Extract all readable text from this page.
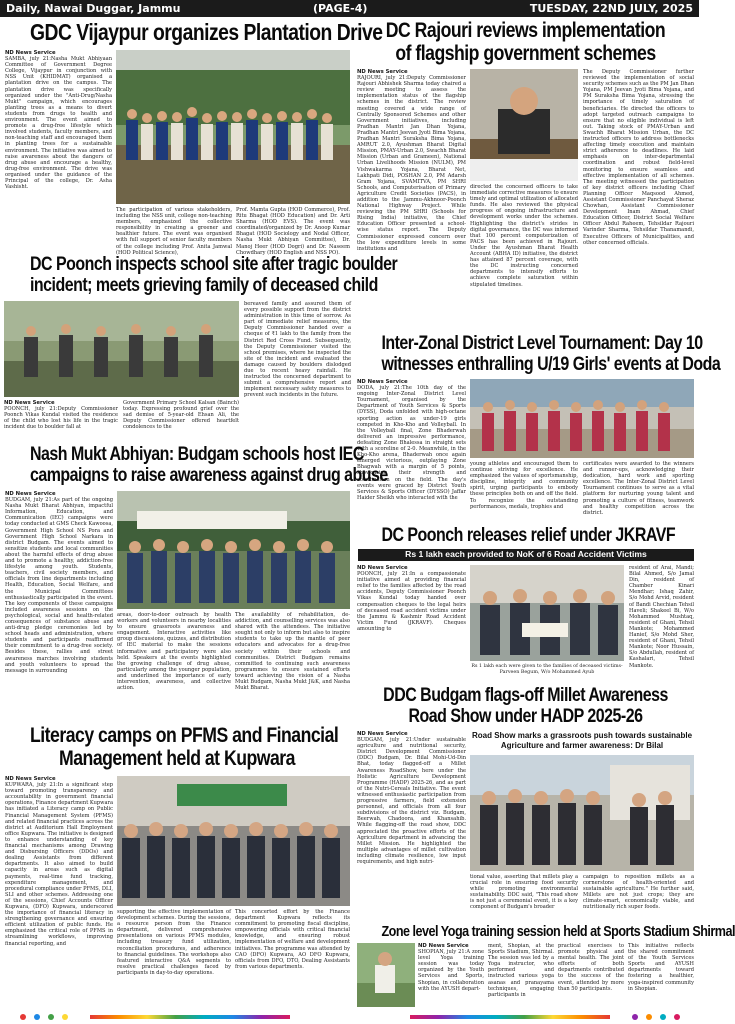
Daily, Nawai Duggar, Jammu	(PAGE-4)	TUESDAY, 22ND JULY, 2025
GDC Vijaypur organizes Plantation Drive
ND News Service
SAMBA, july 21:Nasha Mukt Abhiyaan Committee of Government Degree College, Vijaypur in conjunction with NSS Unit (KHIDMAT) organised a plantation drive on the campus. The plantation drive was specifically organized under the "Anti-Drug/Nasha Mukt" campaign, which encourages planting trees as a means to divert students from drugs to health and environment. The event aimed to promote a drug-free lifestyle which involved students, faculty members, and non-teaching staff and encouraged them in planting trees for a sustainable environment. The initiative was aimed to raise awareness about the dangers of drug abuse and encourage a healthy, drug-free environment. The drive was organised under the guidance of the Principal of the college, Dr. Asha Vashisht.
The participation of various stakeholders, including the NSS unit, college non-teaching members, emphasized the collective responsibility in creating a greener and healthier future. The event was organised with full support of senior faculty members of the college including Prof. Anita Jamwal (HOD Political Science),
Prof. Mamta Gupta (HOD Commerce), Prof. Ritu Bhagat (HOD Education) and Dr. Arti Sharma (HOD EVS). The event was coordinated/organized by Dr. Anoop Kumar Bhagat (HOD Sociology and Nodal Officer, Nasha Mukt Abhiyan Committee), Dr. Manoj Heer (HOD Dogri) and Dr. Naseem Chowdhary (HOD English and NSS PO).
DC Poonch inspects school site after tragic boulder
incident; meets grieving family of deceased child
ND News Service
POONCH, july 21:Deputy Commissioner Poonch Vikas Kundal visited the residence of the child who lost his life in the tragic incident due to boulder fall at
Government Primary School Kalsan (Bainch) today. Expressing profound grief over the sad demise of 5-year-old Ehsan Ali, the Deputy Commissioner offered heartfelt condolences to the
bereaved family and assured them of every possible support from the district administration in this time of sorrow. As part of immediate relief measures, the Deputy Commissioner handed over a cheque of ₹1 lakh to the family from the District Red Cross Fund. Subsequently, the Deputy Commissioner visited the school premises, where he inspected the site of the incident and evaluated the damage caused by boulders dislodged due to recent heavy rainfall. He instructed the concerned department to submit a comprehensive report and implement necessary safety measures to prevent such incidents in the future.
Nash Mukt Abhiyan: Budgam schools host IEC
campaigns to raise awareness against drug abuse
ND News Service
BUDGAM, july 21:As part of the ongoing Nasha Mukt Bharat Abhiyan, impactful Information, Education, and Communication (IEC) campaigns were today conducted at GMS Check Kawoosa, Government High School NS Pora and Government High School Narkara in district Budgam. The events aimed to sensitize students and local communities about the harmful effects of drug abuse and to promote a healthy, addiction-free lifestyle among youth. Students, teachers, civil society members, and officials from line departments including Health, Education, Social Welfare, and the Municipal Committees enthusiastically participated in the event. The key components of these campaigns included awareness sessions on the psychological, social and health-related consequences of substance abuse and anti-drug pledge ceremonies led by school heads and administration, where students and participants reaffirmed their commitment to a drug-free society. Besides these, rallies and street awareness marches involving students and youth volunteers to spread the message in surrounding
areas, door-to-door outreach by health workers and volunteers in nearby localities to ensure grassroots awareness and engagement. Interactive activities like group discussions, quizzes, and distribution of IEC material to make the sessions informative and participatory were also held. Speakers at the events highlighted the growing challenge of drug abuse, particularly among the younger population, and underlined the importance of early intervention, awareness, and collective action.
The availability of rehabilitation, de-addiction, and counselling services was also shared with the attendees. The initiative sought not only to inform but also to inspire students to take up the mantle of peer educators and advocates for a drug-free society within their schools and communities. District Budgam remains committed to continuing such awareness programmes to ensure sustained efforts toward achieving the vision of a Nasha Mukt Budgam, Nasha Mukt J&K, and Nasha Mukt Bharat.
Literacy camps on PFMS and Financial
Management held at Kupwara
ND News Service
KUPWARA, july 21:In a significant step toward promoting transparency and accountability in government financial operations, Finance department Kupwara has initiated a Literacy camp on Public Financial Management System (PFMS) and related financial practices across the district at Auditorium Hall Employment office Kupwara. The initiative is designed to enhance understanding of key financial mechanisms among Drawing and Disbursing Officers (DDOs) and dealing Assistants from different departments. It also aimed to build capacity in areas such as digital payments, real-time fund tracking, expenditure management, and procedural compliance under PFMS, DLI, SLI and other schemes. Addressing one of the sessions, Chief Accounts Officer Kupwara, (DFO) Kupwara, underscored the importance of financial literacy in strengthening governance and ensuring efficient utilization of public funds. He emphasized the critical role of PFMS in streamlining workflows, improving financial reporting, and
supporting the effective implementation of development schemes. During the sessions, a resource person from the Finance department, delivered comprehensive presentations on various PFMS modules, including treasury fund utilization, reconciliation procedures, and adherence to financial guidelines. The workshops also featured interactive Q&A segments to resolve practical challenges faced by participants in day-to-day operations.
This concerted effort by the Finance department Kupwara reflects its commitment to promoting fiscal discipline, empowering officials with critical financial knowledge, and ensuring robust implementation of welfare and development initiatives. The programme was attended by CAO (DFO) Kupwara, AO DFO Kupwara, officials from DFO, DTO, Dealing Assistants from various departments.
DC Rajouri reviews implementation
of flagship government schemes
ND News Service
RAJOURI, july 21:Deputy Commissioner Rajouri Abhishek Sharma today chaired a review meeting to assess the implementation status of the flagship schemes in the district. The review meeting covered a wide range of Centrally Sponsored Schemes and other Government initiatives, including Pradhan Mantri Jan Dhan Yojana, Pradhan Mantri Jeevan Jyoti Bima Yojana, Pradhan Mantri Suraksha Bima Yojana, AMRUT 2.0, Ayushman Bharat Digital Mission, PMAY-Urban 2.0, Swachh Bharat Mission (Urban and Grameen), National Urban Livelihoods Mission (NULM), PM Vishwakarma Yojana, Bharat Net, Lakhpati Didi, POSHAN 2.0, PM Adarsh Gram Yojana, SVAMITVA, PM SHRI Schools, and Computerisation of Primary Agriculture Credit Societies (PACS), in addition to the Jammu-Akhnoor-Poonch National Highway Project. While reviewing the PM SHRI (Schools for Rising India) initiative, the Chief Education Officer presented a school-wise status report. The Deputy Commissioner expressed concern over the low expenditure levels in some institutions and
directed the concerned officers to take immediate corrective measures to ensure timely and optimal utilization of allocated funds. He also reviewed the physical progress of ongoing infrastructure and development works under the schemes. Highlighting the district's strides in digital governance, the DC was informed that 100 percent computerization of PACS has been achieved in Rajouri. Under the Ayushman Bharat Health Account (ABHA ID) initiative, the district has attained 87 percent coverage, with the DC instructing concerned departments to intensify efforts to achieve complete saturation within stipulated timelines.
The Deputy Commissioner further reviewed the implementation of social security schemes such as the PM Jan Dhan Yojana, PM Jeevan Jyoti Bima Yojana, and PM Suraksha Bima Yojana, stressing the importance of timely saturation of beneficiaries. He directed the officers to adopt targeted outreach campaigns to ensure that no eligible individual is left out. Taking stock of PMAY-Urban and Swachh Bharat Mission Urban, the DC instructed officers to address bottlenecks affecting timely execution and maintain strict adherence to deadlines. He laid emphasis on inter-departmental coordination and robust field-level monitoring to ensure seamless and effective implementation of all schemes. The meeting witnessed the participation of key district officers including Chief Planning Officer Maqsood Ahmed, Assistant Commissioner Panchayat Sheraz Chowhan, Assistant Commissioner Development Inam Ahmad, Chief Education Officer, District Social Welfare Officer Abdul Raheem, Tehsildar Rajouri Varinder Sharma, Tehsildar Thanamandi, Executive Officers of Municipalities, and other concerned officials.
Inter-Zonal District Level Tournament: Day 10
witnesses enthralling U/19 Girls' events at Doda
ND News Service
DODA, july 21:The 10th day of the ongoing Inter-Zonal District Level Tournament, organised by the Department of Youth Services & Sports (DYSS), Doda unfolded with high-octane sporting action as under-19 girls competed in Kho-Kho and Volleyball. In the Volleyball final, Zone Bhaderwah delivered an impressive performance, defeating Zone Bhalessa in straight sets with a scoreline of 2-0. Meanwhile, in the Kho-Kho arena, Bhaderwah once again emerged victorious, outplaying Zone Bhagwah with a margin of 5 points, showcasing their strength and coordination on the field. The day's events were graced by District Youth Services & Sports Officer (DYSSO) Jaffar Haider Sheikh who interacted with the
young athletes and encouraged them to continue striving for excellence. He emphasized the values of sportsmanship, discipline, integrity and community spirit, urging participants to embody these principles both on and off the field. To recognize the outstanding performances, medals, trophies and
certificates were awarded to the winners and runner-ups, acknowledging their dedication, hard work and sporting excellence. The Inter-Zonal District Level Tournament continues to serve as a vital platform for nurturing young talent and promoting a culture of fitness, teamwork and healthy competition across the district.
DC Poonch releases relief under JKRAVF
Rs 1 lakh each provided to NoK of 6 Road Accident Victims
ND News Service
POONCH, july 21:In a compassionate initiative aimed at providing financial relief to the families affected by the road accidents, Deputy Commissioner Poonch Vikas Kundal today handed over compensation cheques to the legal heirs of deceased road accident victims under the Jammu & Kashmir Road Accident Victim Fund (JKRAVF). Cheques amounting to
Rs 1 lakh each were given to the families of deceased victims- Parveen Begum, W/o Mohammed Ayub
resident of Arai, Mandi; Bilal Ahmed, S/o Jamal Din, resident of Chamber Kinari Mendhar; Ishaq Zahir, S/o Mohd Arvid, resident of Bandi Chechian Tehsil Haveli; Shakeel Bi, W/o Mohammed Mushtaq, resident of Ghani, Tehsil Mankote; Mohammed Hanief, S/o Mohd Sher, resident of Ghani, Tehsil Mankote; Noor Hussain, S/o Abdullah, resident of Kashalari, Tehsil Mankote.
DDC Budgam flags-off Millet Awareness
Road Show under HADP 2025-26
ND News Service
BUDGAM, july 21:Under sustainable agriculture and nutritional security, District Development Commissioner (DDC) Budgam, Dr. Bilal Mohi-Ud-Din Bhat, today flagged-off a Millet Awareness RoadShow, here under the Holistic Agriculture Development Programme (HADP) 2025-26, and as part of the Nutri-Cereals Initiative. The event witnessed enthusiastic participation from progressive farmers, field extension personnel, and officials from all four subdivisions of the district viz. Budgam, Beerwah, Chadoora, and Khansahib. While flagging-off the road show, DDC appreciated the proactive efforts of the Agriculture department in advancing the Millet Mission. He highlighted the multiple advantages of millet cultivation including climate resilience, low input requirements, and high nutri-
Road Show marks a grassroots push towards sustainable Agriculture and farmer awareness: Dr Bilal
tional value, asserting that millets play a crucial role in ensuring food security while promoting environmental sustainability. DDC said, "This road show is not just a ceremonial event, it is a key component of Budgam's broader
campaign to reposition millets as a cornerstone of health-oriented and sustainable agriculture." He further said, Millets are not just crops; they are climate-smart, economically viable, and nutritionally rich super foods.
Zone level Yoga training session held at Sports Stadium Shirmal
ND News Service
SHOPIAN, july 21:A zone level Yoga training session was today organized by the Youth Services and Sports, Shopian, in collaboration with the AYUSH depart-
ment, Shopian, at the Sports Stadium, Shirmal. The session was led by a Yoga instructor, who performed and instructed various yoga asanas and pranayama techniques, engaging participants in
practical exercises to promote physical and mental health. The joint efforts of both departments contributed to the success of the event, attended by more than 50 participants.
This initiative reflects the shared commitment of the Youth Services Sports and AYUSH departments toward fostering a healthier, yoga-inspired community in Shopian.
